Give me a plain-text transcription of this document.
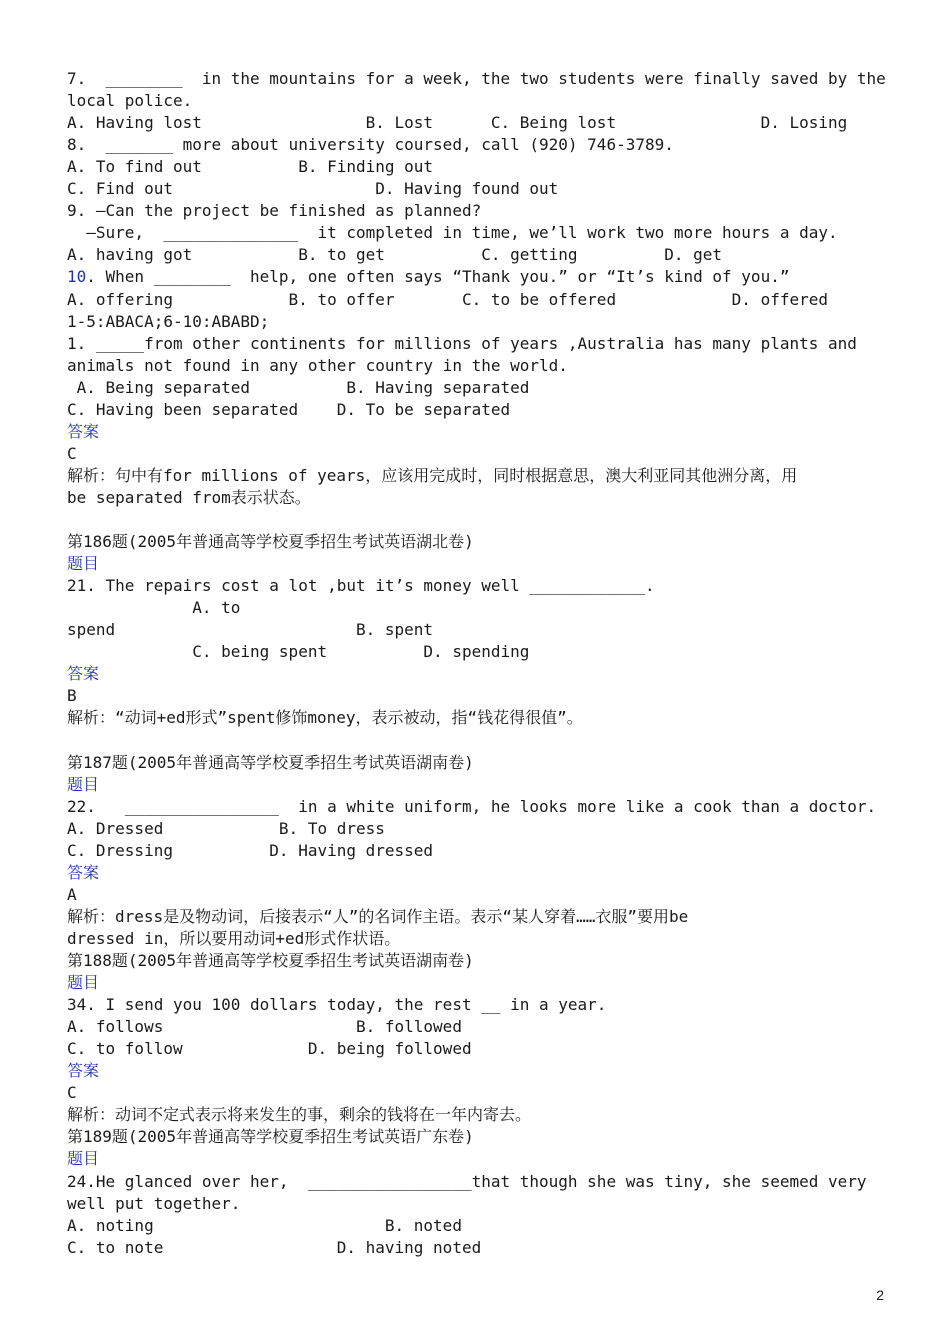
7.  ________  in the mountains for a week, the two students were finally saved by the
local police.
A. Having lost                 B. Lost      C. Being lost               D. Losing
8.  _______ more about university coursed, call (920) 746-3789.
A. To find out          B. Finding out
C. Find out                     D. Having found out
9. —Can the project be finished as planned?
—Sure,  ______________  it completed in time, we’ll work two more hours a day.
A. having got           B. to get          C. getting         D. get
10. When ________  help, one often says “Thank you.” or “It’s kind of you.”
A. offering            B. to offer       C. to be offered            D. offered
1-5:ABACA;6-10:ABABD;
1. _____from other continents for millions of years ,Australia has many plants and
animals not found in any other country in the world.
A. Being separated          B. Having separated
C. Having been separated    D. To be separated
答案
C
解析：句中有for millions of years，应该用完成时，同时根据意思，澳大利亚同其他洲分离，用
be separated from表示状态。
第186题(2005年普通高等学校夏季招生考试英语湖北卷)
题目
21. The repairs cost a lot ,but it’s money well ____________.
A. to
spend                         B. spent
C. being spent          D. spending
答案
B
解析：“动词+ed形式”spent修饰money，表示被动，指“钱花得很值”。
第187题(2005年普通高等学校夏季招生考试英语湖南卷)
题目
22.   ________________  in a white uniform, he looks more like a cook than a doctor.
A. Dressed            B. To dress
C. Dressing          D. Having dressed
答案
A
解析：dress是及物动词，后接表示“人”的名词作主语。表示“某人穿着……衣服”要用be
dressed in，所以要用动词+ed形式作状语。
第188题(2005年普通高等学校夏季招生考试英语湖南卷)
题目
34. I send you 100 dollars today, the rest __ in a year.
A. follows                    B. followed
C. to follow             D. being followed
答案
C
解析：动词不定式表示将来发生的事，剩余的钱将在一年内寄去。
第189题(2005年普通高等学校夏季招生考试英语广东卷)
题目
24.He glanced over her,  _________________that though she was tiny, she seemed very
well put together.
A. noting                        B. noted
C. to note                  D. having noted
2
